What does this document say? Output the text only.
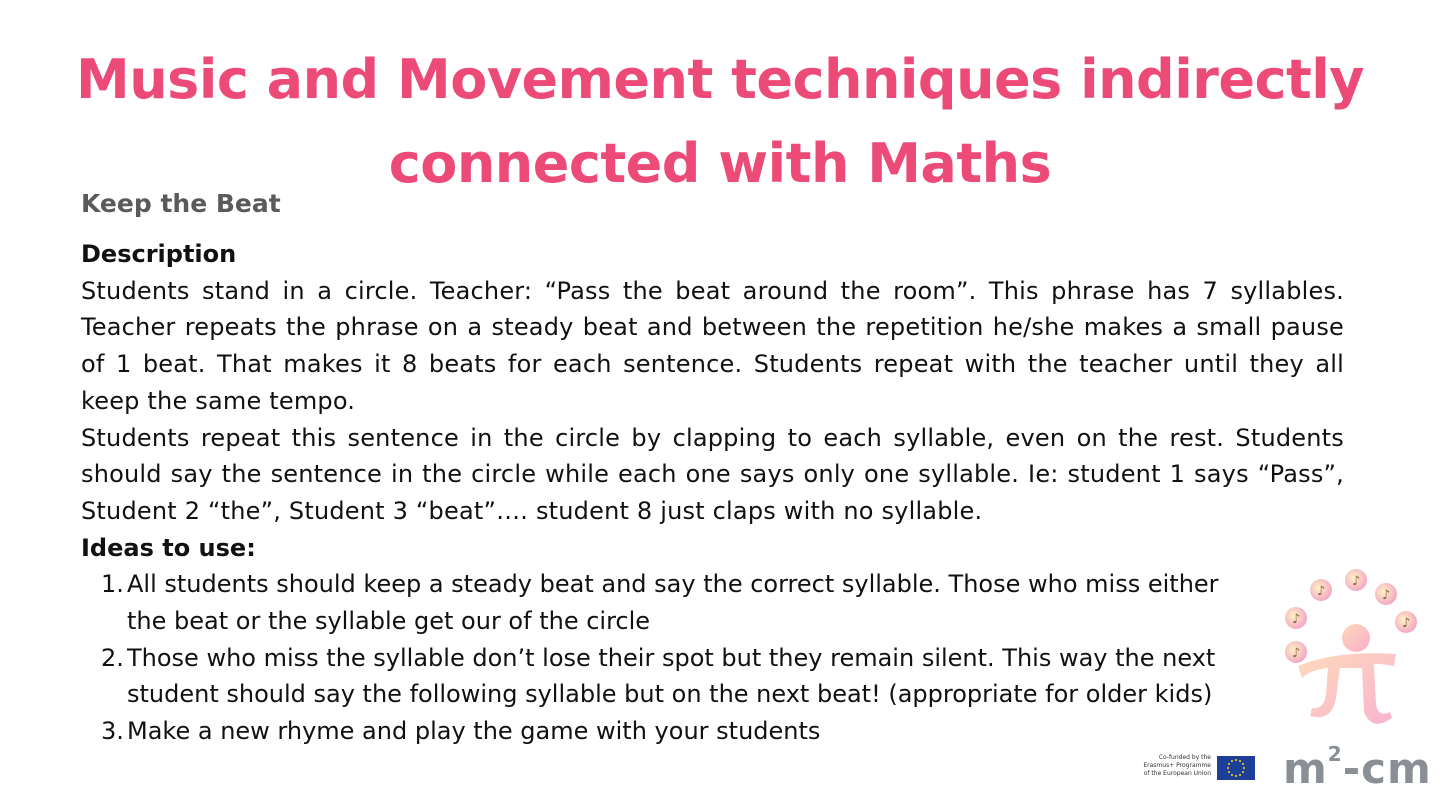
Music and Movement techniques indirectly connected with Maths
Keep the Beat

Description

Students stand in a circle. Teacher: “Pass the beat around the room”. This phrase has 7 syllables. Teacher repeats the phrase on a steady beat and between the repetition he/she makes a small pause of 1 beat. That makes it 8 beats for each sentence. Students repeat with the teacher until they all keep the same tempo.

Students repeat this sentence in the circle by clapping to each syllable, even on the rest. Students should say the sentence in the circle while each one says only one syllable. Ie: student 1 says “Pass”, Student 2 “the”, Student 3 “beat”…. student 8 just claps with no syllable.

Ideas to use:

1. All students should keep a steady beat and say the correct syllable. Those who miss either the beat or the syllable get our of the circle
2. Those who miss the syllable don’t lose their spot but they remain silent. This way the next student should say the following syllable but on the next beat! (appropriate for older kids)
3. Make a new rhyme and play the game with your students
♪
♪
♪
♪
♪
♪
Co-funded by the
Erasmus+ Programme
of the European Union $m^2-cm$
